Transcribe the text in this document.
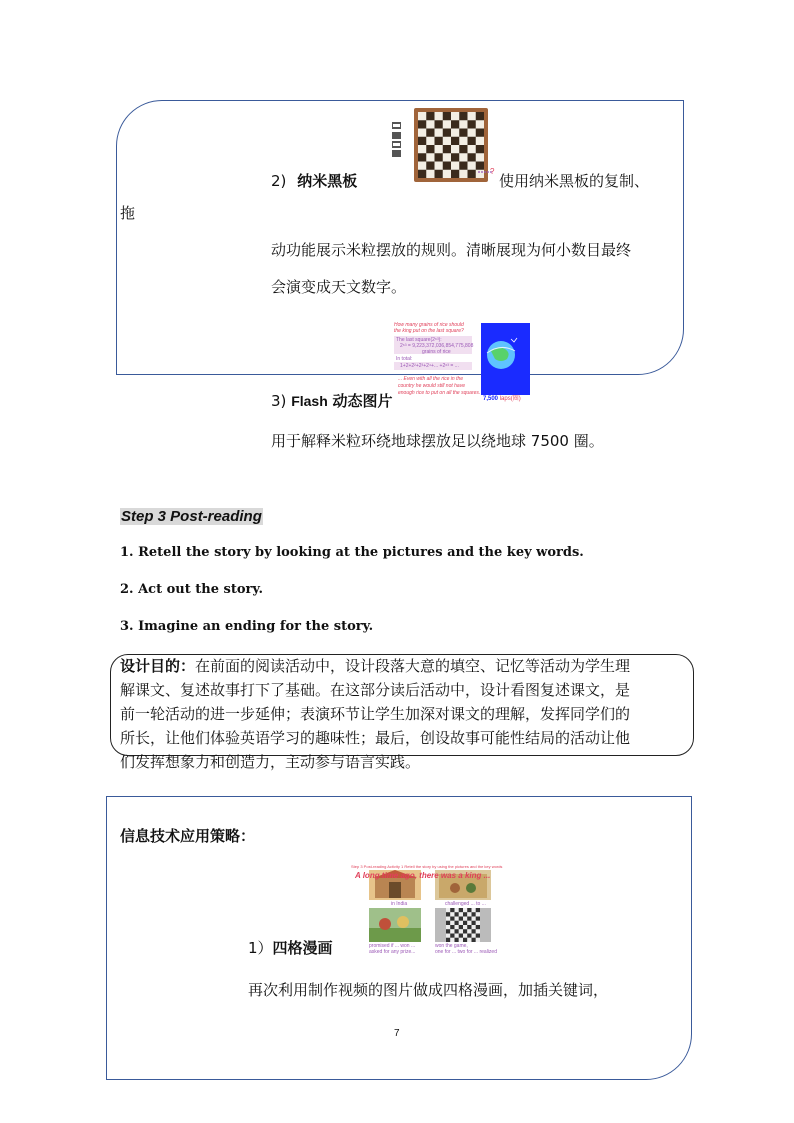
?
2) 纳米黑板	使用纳米黑板的复制、
拖
动功能展示米粒摆放的规则。清晰展现为何小数目最终
会演变成天文数字。
How many grains of rice should
the king put on the last square?
The last square(2⁶³):
2⁶³ = 9,223,372,036,854,775,808
grains of rice
In total:
1+2+2²+2³+2⁴+... +2⁶³ = ...
... Even with all the rice in the
country he would still not have
enough rice to put on all the squares.
7,500 laps(圈)
3) Flash 动态图片
用于解释米粒环绕地球摆放足以绕地球 7500 圈。
Step 3 Post-reading
1. Retell the story by looking at the pictures and the key words.
2. Act out the story.
3. Imagine an ending for the story.
设计目的：在前面的阅读活动中，设计段落大意的填空、记忆等活动为学生理
解课文、复述故事打下了基础。在这部分读后活动中，设计看图复述课文，是
前一轮活动的进一步延伸；表演环节让学生加深对课文的理解，发挥同学们的
所长，让他们体验英语学习的趣味性；最后，创设故事可能性结局的活动让他
们发挥想象力和创造力，主动参与语言实践。
信息技术应用策略：
Step 3 Post-reading Activity 1 Retell the story by using the pictures and the key words
A long time ago, there was a king ...
in India	challenged ... to ...
promised if ... won ...
asked for any prize...
won the game,
one for ... two for ... realized
1）四格漫画
再次利用制作视频的图片做成四格漫画，加插关键词，
7
